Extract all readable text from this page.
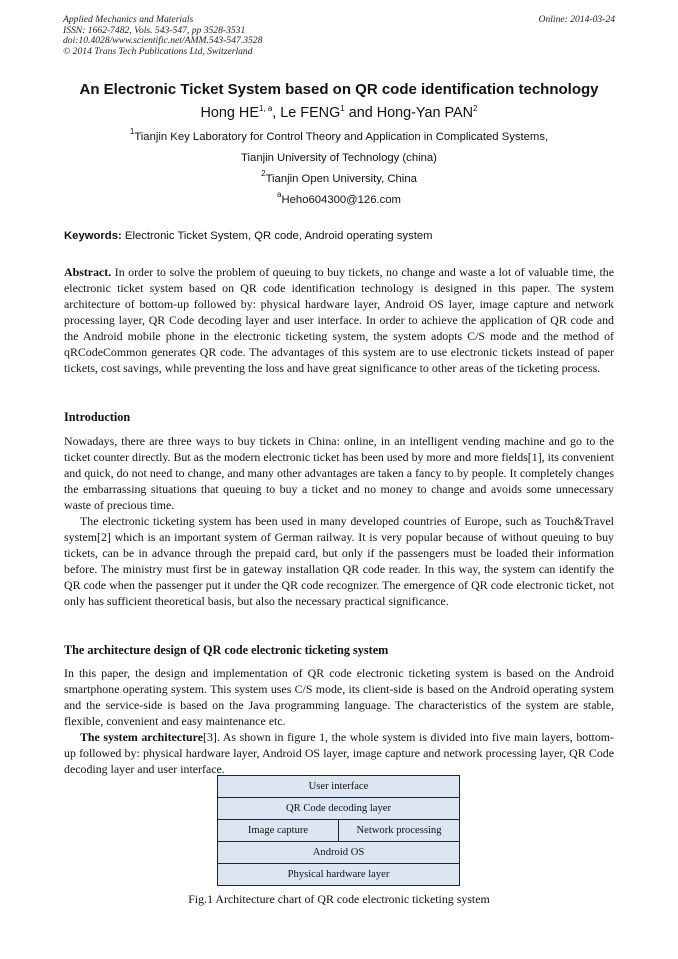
Applied Mechanics and Materials
ISSN: 1662-7482, Vols. 543-547, pp 3528-3531
doi:10.4028/www.scientific.net/AMM.543-547.3528
© 2014 Trans Tech Publications Ltd, Switzerland
Online: 2014-03-24
An Electronic Ticket System based on QR code identification technology
Hong HE$^{1, a}$, Le FENG$^1$ and Hong-Yan PAN$^2$
$^1$Tianjin Key Laboratory for Control Theory and Application in Complicated Systems,
Tianjin University of Technology (china)
$^2$Tianjin Open University, China
$^a$Heho604300@126.com
Keywords: Electronic Ticket System, QR code, Android operating system
Abstract. In order to solve the problem of queuing to buy tickets, no change and waste a lot of valuable time, the electronic ticket system based on QR code identification technology is designed in this paper. The system architecture of bottom-up followed by: physical hardware layer, Android OS layer, image capture and network processing layer, QR Code decoding layer and user interface. In order to achieve the application of QR code and the Android mobile phone in the electronic ticketing system, the system adopts C/S mode and the method of qRCodeCommon generates QR code. The advantages of this system are to use electronic tickets instead of paper tickets, cost savings, while preventing the loss and have great significance to other areas of the ticketing process.
Introduction
Nowadays, there are three ways to buy tickets in China: online, in an intelligent vending machine and go to the ticket counter directly. But as the modern electronic ticket has been used by more and more fields[1], its convenient and quick, do not need to change, and many other advantages are taken a fancy to by people. It completely changes the embarrassing situations that queuing to buy a ticket and no money to change and avoids some unnecessary waste of precious time.
The electronic ticketing system has been used in many developed countries of Europe, such as Touch&Travel system[2] which is an important system of German railway. It is very popular because of without queuing to buy tickets, can be in advance through the prepaid card, but only if the passengers must be loaded their information before. The ministry must first be in gateway installation QR code reader. In this way, the system can identify the QR code when the passenger put it under the QR code recognizer. The emergence of QR code electronic ticket, not only has sufficient theoretical basis, but also the necessary practical significance.
The architecture design of QR code electronic ticketing system
In this paper, the design and implementation of QR code electronic ticketing system is based on the Android smartphone operating system. This system uses C/S mode, its client-side is based on the Android operating system and the service-side is based on the Java programming language. The characteristics of the system are stable, flexible, convenient and easy maintenance etc.
The system architecture[3]. As shown in figure 1, the whole system is divided into five main layers, bottom-up followed by: physical hardware layer, Android OS layer, image capture and network processing layer, QR Code decoding layer and user interface.
User interface
QR Code decoding layer
Image capture	Network processing
Android OS
Physical hardware layer
Fig.1 Architecture chart of QR code electronic ticketing system
